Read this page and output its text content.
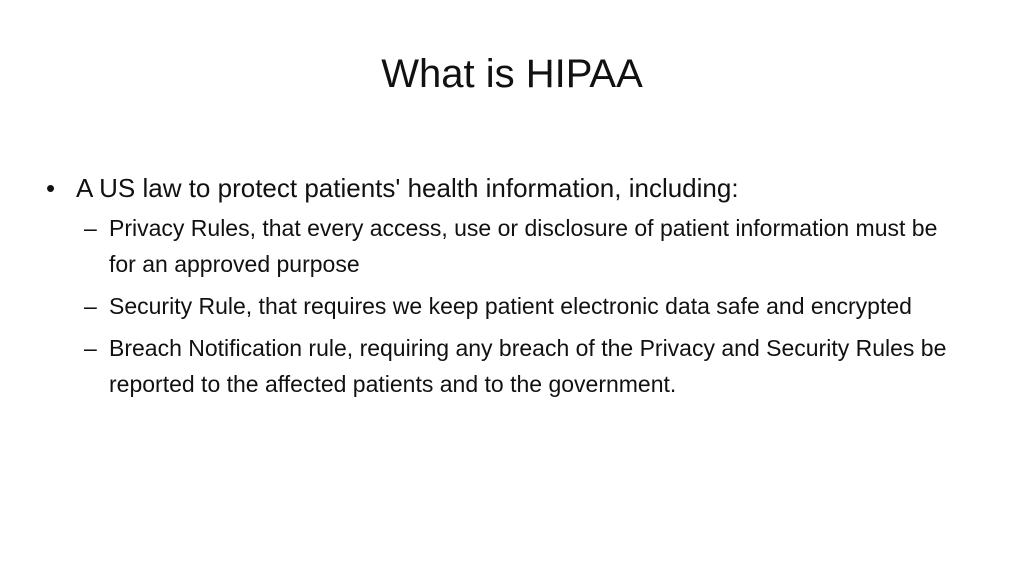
What is HIPAA
• A US law to protect patients' health information, including:
– Privacy Rules, that every access, use or disclosure of patient information must be for an approved purpose
– Security Rule, that requires we keep patient electronic data safe and encrypted
– Breach Notification rule, requiring any breach of the Privacy and Security Rules be reported to the affected patients and to the government.
